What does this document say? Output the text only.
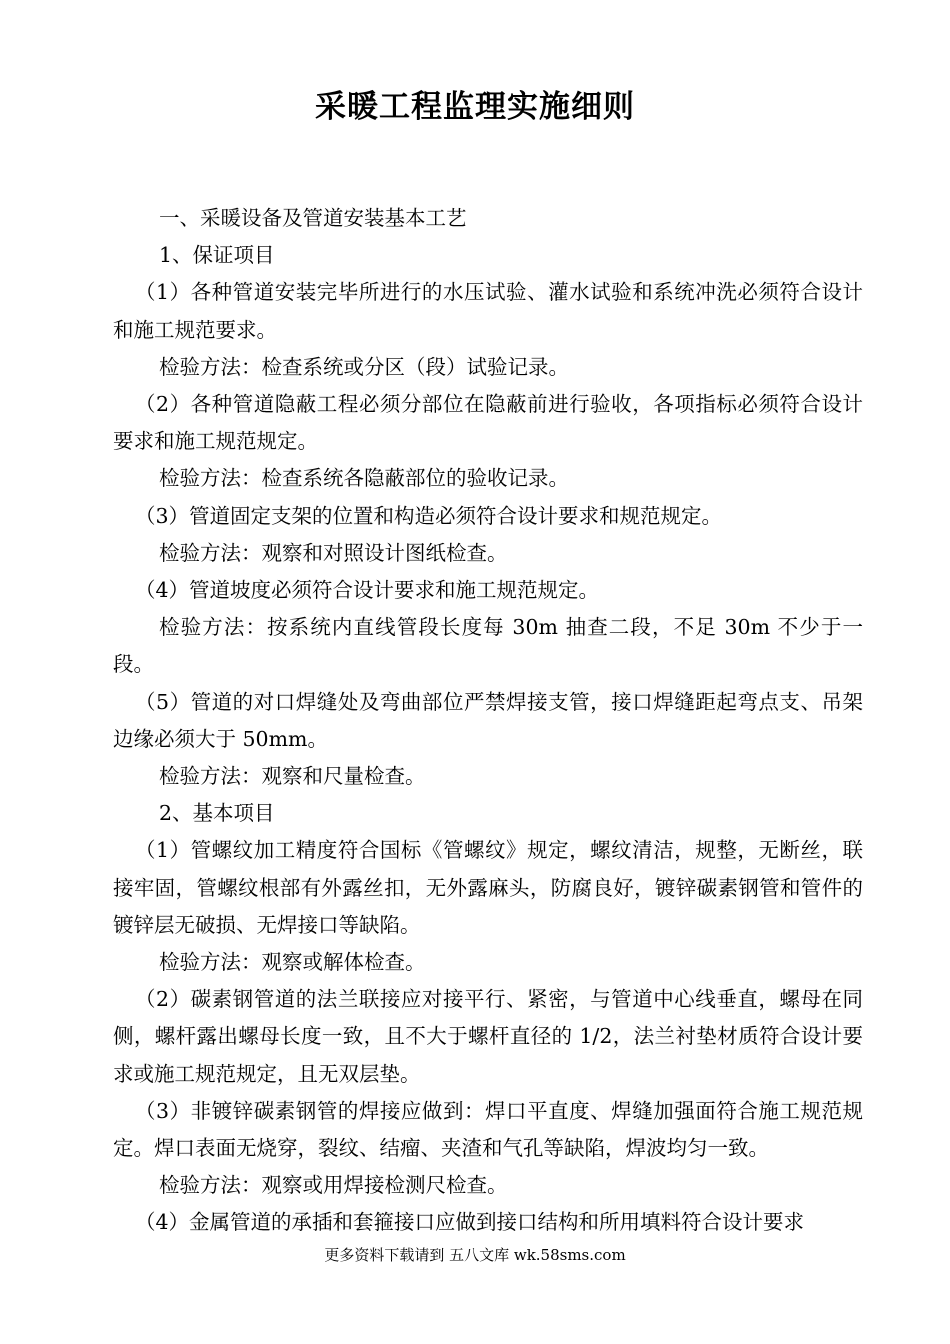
采暖工程监理实施细则

一、采暖设备及管道安装基本工艺

1、保证项目

（1）各种管道安装完毕所进行的水压试验、灌水试验和系统冲洗必须符合设计和施工规范要求。

检验方法：检查系统或分区（段）试验记录。

（2）各种管道隐蔽工程必须分部位在隐蔽前进行验收，各项指标必须符合设计要求和施工规范规定。

检验方法：检查系统各隐蔽部位的验收记录。

（3）管道固定支架的位置和构造必须符合设计要求和规范规定。

检验方法：观察和对照设计图纸检查。

（4）管道坡度必须符合设计要求和施工规范规定。

检验方法：按系统内直线管段长度每 30m 抽查二段，不足 30m 不少于一段。

（5）管道的对口焊缝处及弯曲部位严禁焊接支管，接口焊缝距起弯点支、吊架边缘必须大于 50mm。

检验方法：观察和尺量检查。

2、基本项目

（1）管螺纹加工精度符合国标《管螺纹》规定，螺纹清洁，规整，无断丝，联接牢固，管螺纹根部有外露丝扣，无外露麻头，防腐良好，镀锌碳素钢管和管件的镀锌层无破损、无焊接口等缺陷。

检验方法：观察或解体检查。

（2）碳素钢管道的法兰联接应对接平行、紧密，与管道中心线垂直，螺母在同侧，螺杆露出螺母长度一致，且不大于螺杆直径的 1/2，法兰衬垫材质符合设计要求或施工规范规定，且无双层垫。

（3）非镀锌碳素钢管的焊接应做到：焊口平直度、焊缝加强面符合施工规范规定。焊口表面无烧穿，裂纹、结瘤、夹渣和气孔等缺陷，焊波均匀一致。

检验方法：观察或用焊接检测尺检查。

（4）金属管道的承插和套箍接口应做到接口结构和所用填料符合设计要求

更多资料下载请到 五八文库 wk.58sms.com
